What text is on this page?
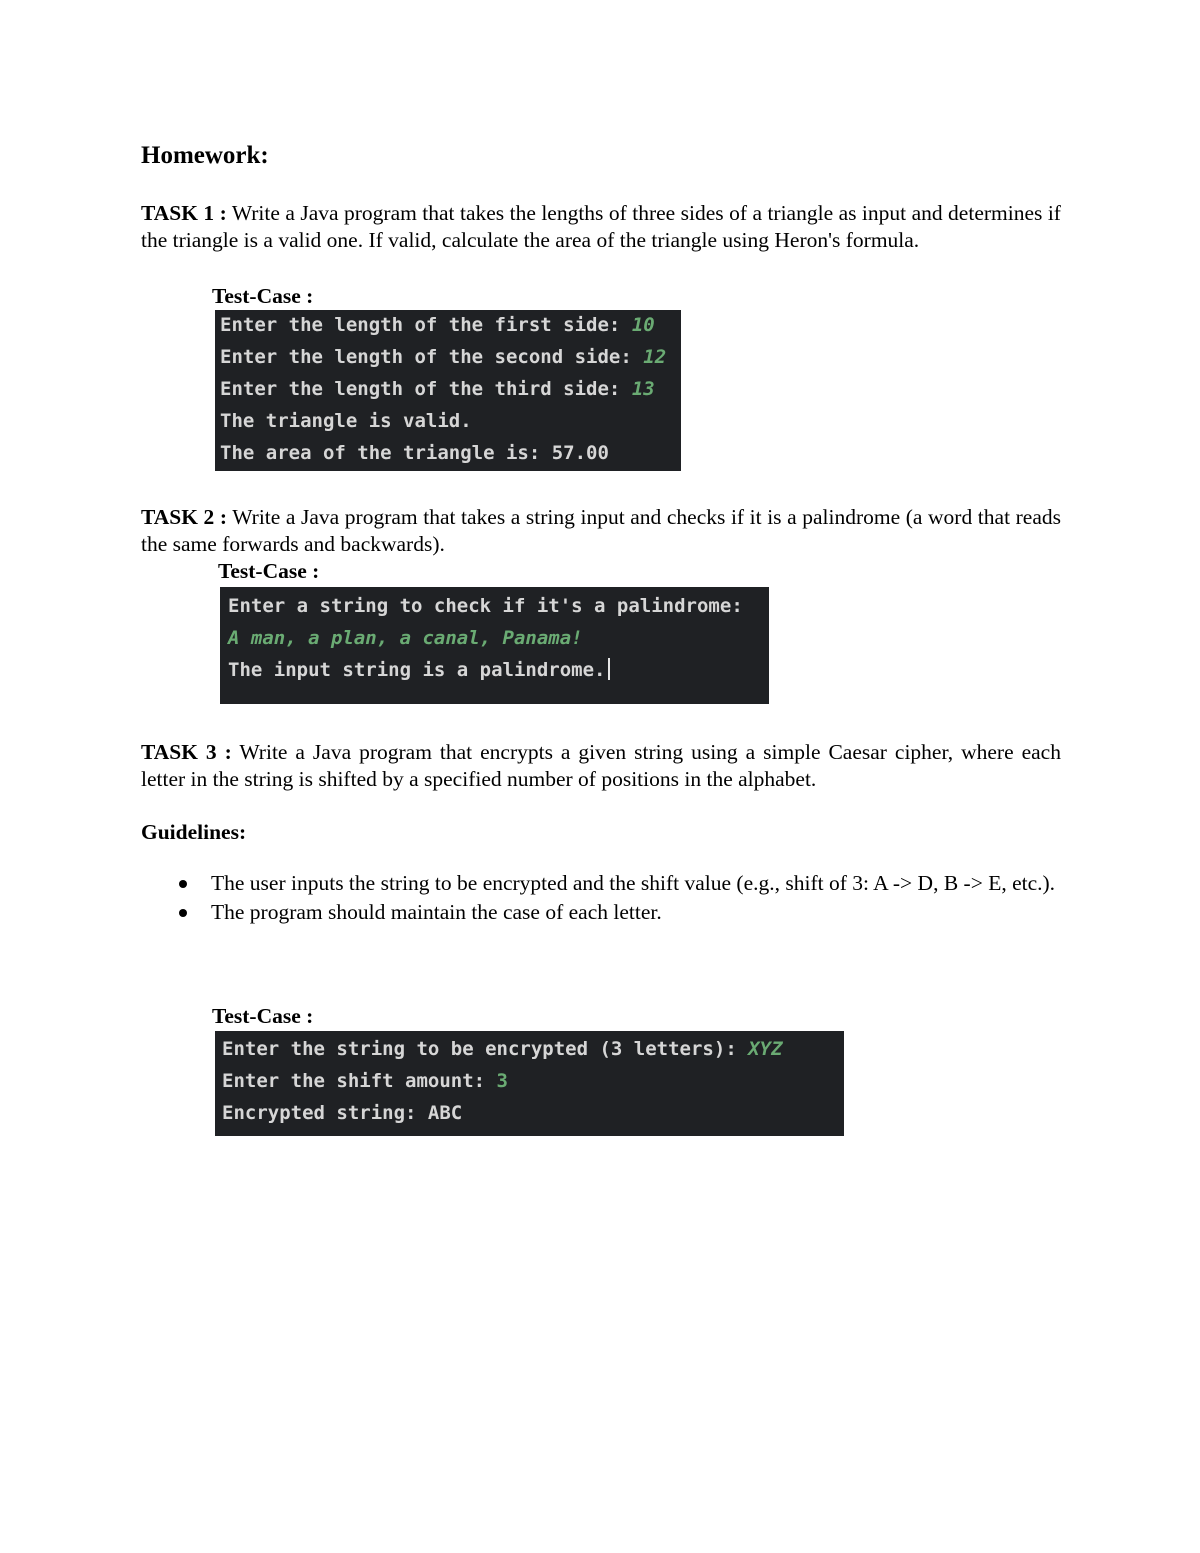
Homework:

TASK 1 : Write a Java program that takes the lengths of three sides of a triangle as input and determines if the triangle is a valid one. If valid, calculate the area of the triangle using Heron's formula.

Test-Case :

Enter the length of the first side: 10
Enter the length of the second side: 12
Enter the length of the third side: 13
The triangle is valid.
The area of the triangle is: 57.00

TASK 2 : Write a Java program that takes a string input and checks if it is a palindrome (a word that reads the same forwards and backwards).

Test-Case :

Enter a string to check if it's a palindrome:
A man, a plan, a canal, Panama!
The input string is a palindrome.

TASK 3 : Write a Java program that encrypts a given string using a simple Caesar cipher, where each letter in the string is shifted by a specified number of positions in the alphabet.

Guidelines:

The user inputs the string to be encrypted and the shift value (e.g., shift of 3: A -> D, B -> E, etc.).
The program should maintain the case of each letter.

Test-Case :

Enter the string to be encrypted (3 letters): XYZ
Enter the shift amount: 3
Encrypted string: ABC
